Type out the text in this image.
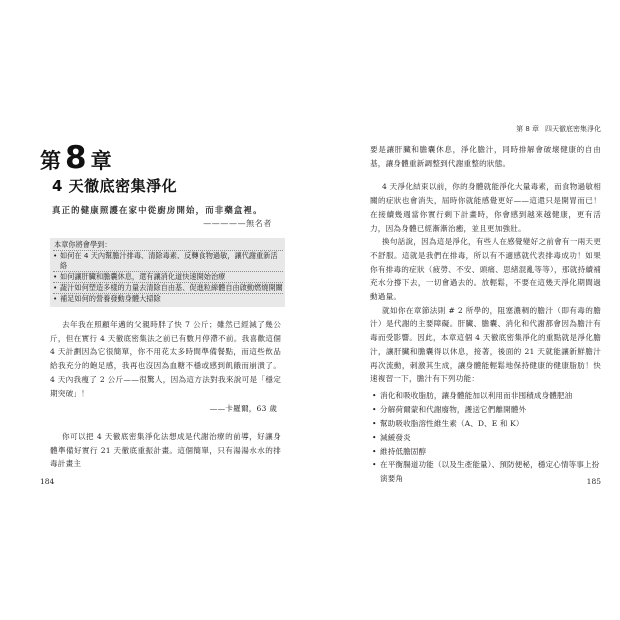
第 8 章
4 天徹底密集淨化
真正的健康照護在家中從廚房開始，而非藥盒裡。
—————無名者
本章你將會學到：
• 如何在 4 天內幫膽汁排毒、清除毒素、反轉食物過敏，讓代謝重新活絡
• 如何讓肝臟和膽囊休息，還有讓消化道快速開始治療
• 蔬汁如何塑造多樣的力量去清除自由基、促進粒線體自由啟動燃燒開關
• 補足如何的營養發動身體大掃除

去年我在照顧年邁的父親時胖了快 7 公斤；雖然已經減了幾公斤，但在實行 4 天徹底密集法之前已有數月停滯不前。我喜歡這個 4 天計劃因為它很簡單，你不用花太多時間準備餐點，而這些飲品給我充分的飽足感，我再也沒因為血糖不穩或感到飢餓而崩潰了。4 天內我瘦了 2 公斤——很驚人，因為這方法對我來說可是「穩定期突破」！

——卡羅爾，63 歲

你可以把 4 天徹底密集淨化法想成是代謝治療的前導，好讓身體準備好實行 21 天徹底重振計畫。這個簡單，只有湯湯水水的排毒計畫主

184
第 8 章 四天徹底密集淨化

要是讓肝臟和膽囊休息，淨化膽汁，同時排解會破壞健康的自由基，讓身體重新調整到代謝重整的狀態。

4 天淨化結束以前，你的身體就能淨化大量毒素，而食物過敏相關的症狀也會消失，屆時你就能感覺更好——這還只是開胃而已！在接續幾週當你實行剩下計畫時，你會感到越來越健康，更有活力，因為身體已經漸漸治癒，並且更加強壯。

換句話說，因為這是淨化，有些人在感覺變好之前會有一兩天更不舒服。這就是我們在排毒，所以有不適感就代表排毒成功！如果你有排毒的症狀（疲勞、不安、頭痛、思緒混亂等等），那就持續補充水分撐下去，一切會過去的。放輕鬆，不要在這幾天淨化期間過動過量。

就如你在章節法則 # 2 所學的，阻塞濃稠的膽汁（即有毒的膽汁）是代謝的主要障礙。肝臟、膽囊、消化和代謝都會因為膽汁有毒而受影響。因此，本章這個 4 天徹底密集淨化的重點就是淨化膽汁，讓肝臟和膽囊得以休息，接著，後面的 21 天就能讓新鮮膽汁再次流動，刺激其生成，讓身體能輕鬆地保持健康的健康脂肪！快速複習一下，膽汁有下列功能：

• 消化和吸收脂肪，讓身體能加以利用而非囤積成身體肥油
• 分解荷爾蒙和代謝廢物，護送它們離開體外
• 幫助吸收脂溶性維生素（A、D、E 和 K）
• 減緩發炎
• 維持低膽固醇
• 在平衡腸道功能（以及生產能量）、預防便秘，穩定心情等事上扮演要角	185
